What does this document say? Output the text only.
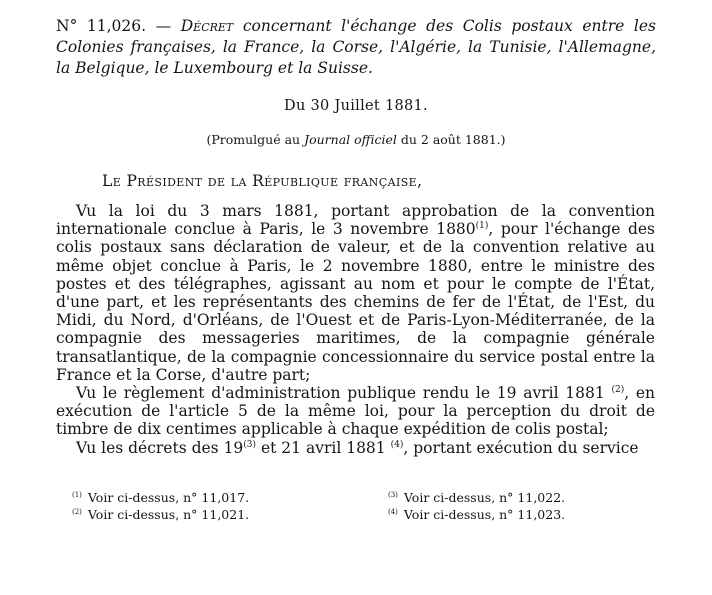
N° 11,026. — Décret concernant l'échange des Colis postaux entre les Colonies françaises, la France, la Corse, l'Algérie, la Tunisie, l'Allemagne, la Belgique, le Luxembourg et la Suisse.
Du 30 Juillet 1881.
(Promulgué au Journal officiel du 2 août 1881.)
Le Président de la République française,

Vu la loi du 3 mars 1881, portant approbation de la convention internationale conclue à Paris, le 3 novembre 1880$^{(1)}$, pour l'échange des colis postaux sans déclaration de valeur, et de la convention relative au même objet conclue à Paris, le 2 novembre 1880, entre le ministre des postes et des télégraphes, agissant au nom et pour le compte de l'État, d'une part, et les représentants des chemins de fer de l'État, de l'Est, du Midi, du Nord, d'Orléans, de l'Ouest et de Paris-Lyon-Méditerranée, de la compagnie des messageries maritimes, de la compagnie générale transatlantique, de la compagnie concessionnaire du service postal entre la France et la Corse, d'autre part;

Vu le règlement d'administration publique rendu le 19 avril 1881 $^{(2)}$, en exécution de l'article 5 de la même loi, pour la perception du droit de timbre de dix centimes applicable à chaque expédition de colis postal;

Vu les décrets des 19$^{(3)}$ et 21 avril 1881 $^{(4)}$, portant exécution du service

$^{(1)}$ Voir ci-dessus, n° 11,017.
$^{(2)}$ Voir ci-dessus, n° 11,021.
$^{(3)}$ Voir ci-dessus, n° 11,022.
$^{(4)}$ Voir ci-dessus, n° 11,023.
